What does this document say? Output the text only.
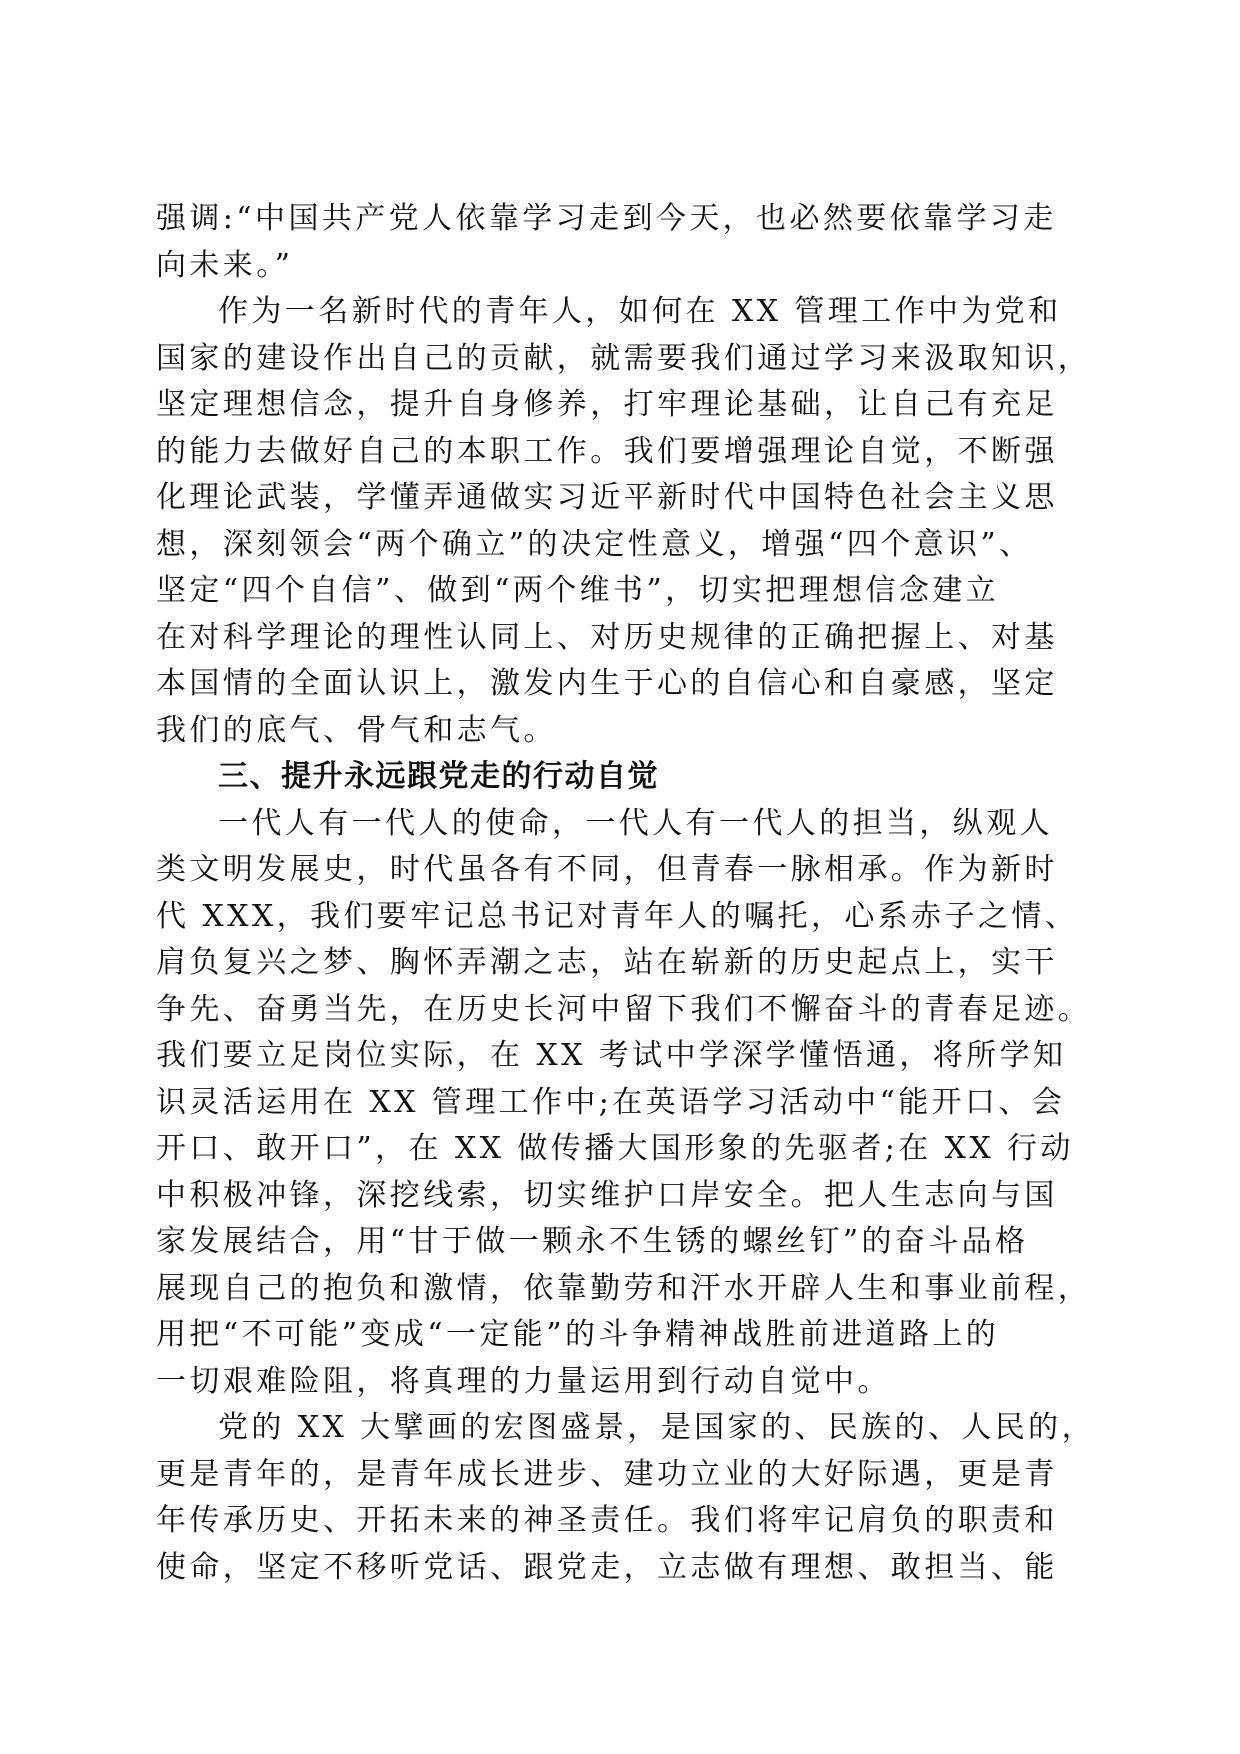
强调:“中国共产党人依靠学习走到今天，也必然要依靠学习走
向未来。”
作为一名新时代的青年人，如何在 XX 管理工作中为党和
国家的建设作出自己的贡献，就需要我们通过学习来汲取知识，
坚定理想信念，提升自身修养，打牢理论基础，让自己有充足
的能力去做好自己的本职工作。我们要增强理论自觉，不断强
化理论武装，学懂弄通做实习近平新时代中国特色社会主义思
想，深刻领会“两个确立”的决定性意义，增强“四个意识”、
坚定“四个自信”、做到“两个维书”，切实把理想信念建立
在对科学理论的理性认同上、对历史规律的正确把握上、对基
本国情的全面认识上，激发内生于心的自信心和自豪感，坚定
我们的底气、骨气和志气。
三、提升永远跟党走的行动自觉
一代人有一代人的使命，一代人有一代人的担当，纵观人
类文明发展史，时代虽各有不同，但青春一脉相承。作为新时
代 XXX，我们要牢记总书记对青年人的嘱托，心系赤子之情、
肩负复兴之梦、胸怀弄潮之志，站在崭新的历史起点上，实干
争先、奋勇当先，在历史长河中留下我们不懈奋斗的青春足迹。
我们要立足岗位实际，在 XX 考试中学深学懂悟通，将所学知
识灵活运用在 XX 管理工作中;在英语学习活动中“能开口、会
开口、敢开口”，在 XX 做传播大国形象的先驱者;在 XX 行动
中积极冲锋，深挖线索，切实维护口岸安全。把人生志向与国
家发展结合，用“甘于做一颗永不生锈的螺丝钉”的奋斗品格
展现自己的抱负和激情，依靠勤劳和汗水开辟人生和事业前程，
用把“不可能”变成“一定能”的斗争精神战胜前进道路上的
一切艰难险阻，将真理的力量运用到行动自觉中。
党的 XX 大擘画的宏图盛景，是国家的、民族的、人民的，
更是青年的，是青年成长进步、建功立业的大好际遇，更是青
年传承历史、开拓未来的神圣责任。我们将牢记肩负的职责和
使命，坚定不移听党话、跟党走，立志做有理想、敢担当、能
